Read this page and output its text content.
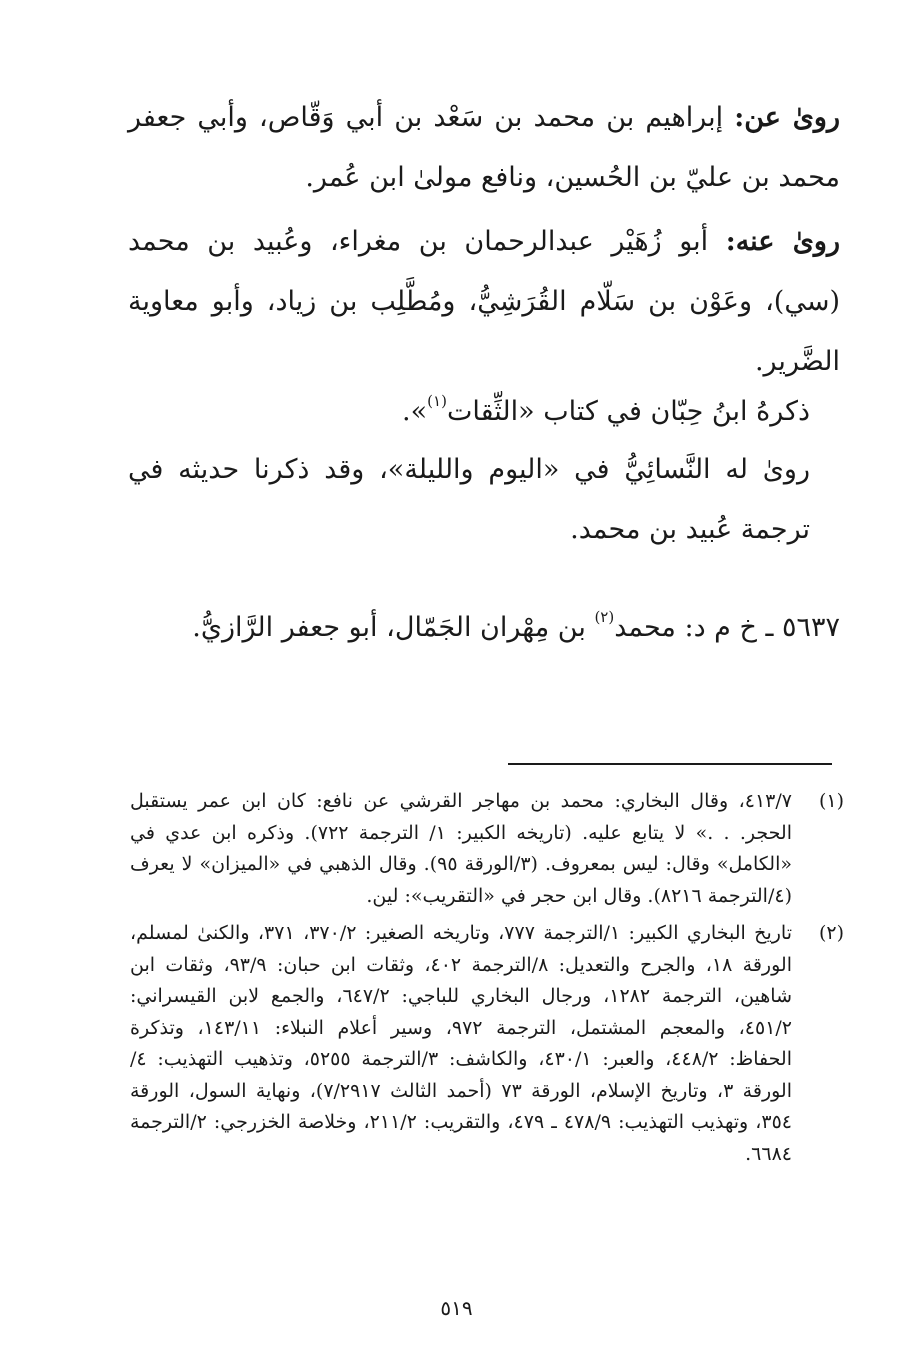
روىٰ عن: إبراهيم بن محمد بن سَعْد بن أبي وَقّاص، وأبي جعفر محمد بن عليّ بن الحُسين، ونافع مولىٰ ابن عُمر.

روىٰ عنه: أبو زُهَيْر عبدالرحمان بن مغراء، وعُبيد بن محمد (سي)، وعَوْن بن سَلّام القُرَشِيُّ، ومُطَّلِب بن زياد، وأبو معاوية الضَّرير.

ذكرهُ ابنُ حِبّان في كتاب «الثِّقات$^{(١)}$».

روىٰ له النَّسائِيُّ في «اليوم والليلة»، وقد ذكرنا حديثه في ترجمة عُبيد بن محمد.

٥٦٣٧ ـ خ م د: محمد$^{(٢)}$ بن مِهْران الجَمّال، أبو جعفر الرَّازيُّ.

(١)
٤١٣/٧، وقال البخاري: محمد بن مهاجر القرشي عن نافع: كان ابن عمر يستقبل الحجر. . .» لا يتابع عليه. (تاريخه الكبير: ١/ الترجمة ٧٢٢). وذكره ابن عدي في «الكامل» وقال: ليس بمعروف. (٣/الورقة ٩٥). وقال الذهبي في «الميزان» لا يعرف (٤/الترجمة ٨٢١٦). وقال ابن حجر في «التقريب»: لين.

(٢)
تاريخ البخاري الكبير: ١/الترجمة ٧٧٧، وتاريخه الصغير: ٣٧٠/٢، ٣٧١، والكنىٰ لمسلم، الورقة ١٨، والجرح والتعديل: ٨/الترجمة ٤٠٢، وثقات ابن حبان: ٩٣/٩، وثقات ابن شاهين، الترجمة ١٢٨٢، ورجال البخاري للباجي: ٦٤٧/٢، والجمع لابن القيسراني: ٤٥١/٢، والمعجم المشتمل، الترجمة ٩٧٢، وسير أعلام النبلاء: ١٤٣/١١، وتذكرة الحفاظ: ٤٤٨/٢، والعبر: ٤٣٠/١، والكاشف: ٣/الترجمة ٥٢٥٥، وتذهيب التهذيب: ٤/الورقة ٣، وتاريخ الإسلام، الورقة ٧٣ (أحمد الثالث ٧/٢٩١٧)، ونهاية السول، الورقة ٣٥٤، وتهذيب التهذيب: ٤٧٨/٩ ـ ٤٧٩، والتقريب: ٢١١/٢، وخلاصة الخزرجي: ٢/الترجمة ٦٦٨٤.

٥١٩
